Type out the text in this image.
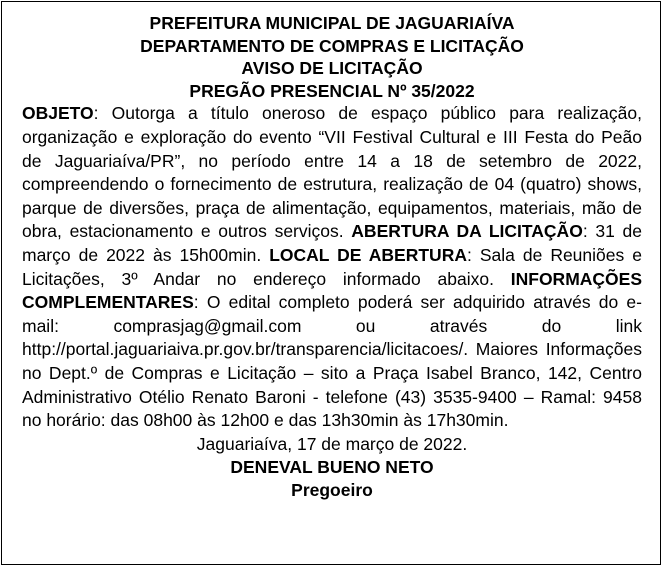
PREFEITURA MUNICIPAL DE JAGUARIAÍVA

DEPARTAMENTO DE COMPRAS E LICITAÇÃO

AVISO DE LICITAÇÃO

PREGÃO PRESENCIAL Nº 35/2022

OBJETO: Outorga a título oneroso de espaço público para realização, organização e exploração do evento “VII Festival Cultural e III Festa do Peão de Jaguariaíva/PR”, no período entre 14 a 18 de setembro de 2022, compreendendo o fornecimento de estrutura, realização de 04 (quatro) shows, parque de diversões, praça de alimentação, equipamentos, materiais, mão de obra, estacionamento e outros serviços. ABERTURA DA LICITAÇÃO: 31 de março de 2022 às 15h00min. LOCAL DE ABERTURA: Sala de Reuniões e Licitações, 3º Andar no endereço informado abaixo. INFORMAÇÕES COMPLEMENTARES: O edital completo poderá ser adquirido através do e-mail: comprasjag@gmail.com ou através do link http://portal.jaguariaiva.pr.gov.br/transparencia/licitacoes/. Maiores Informações no Dept.º de Compras e Licitação – sito a Praça Isabel Branco, 142, Centro Administrativo Otélio Renato Baroni - telefone (43) 3535-9400 – Ramal: 9458 no horário: das 08h00 às 12h00 e das 13h30min às 17h30min.

Jaguariaíva, 17 de março de 2022.

DENEVAL BUENO NETO

Pregoeiro
